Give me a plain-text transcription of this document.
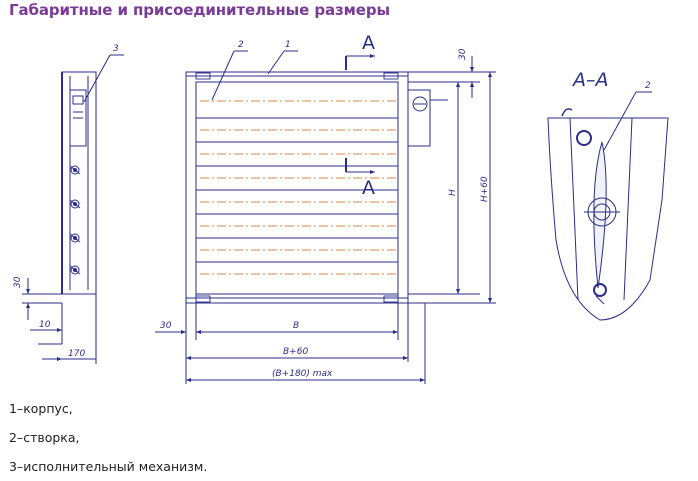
Габаритные и присоединительные размеры
3
30
10
170
2	1	A
A
30
H H+60
30	B
B+60
(B+180) max
A–A	2

1–корпус,

2–створка,

3–исполнительный механизм.
